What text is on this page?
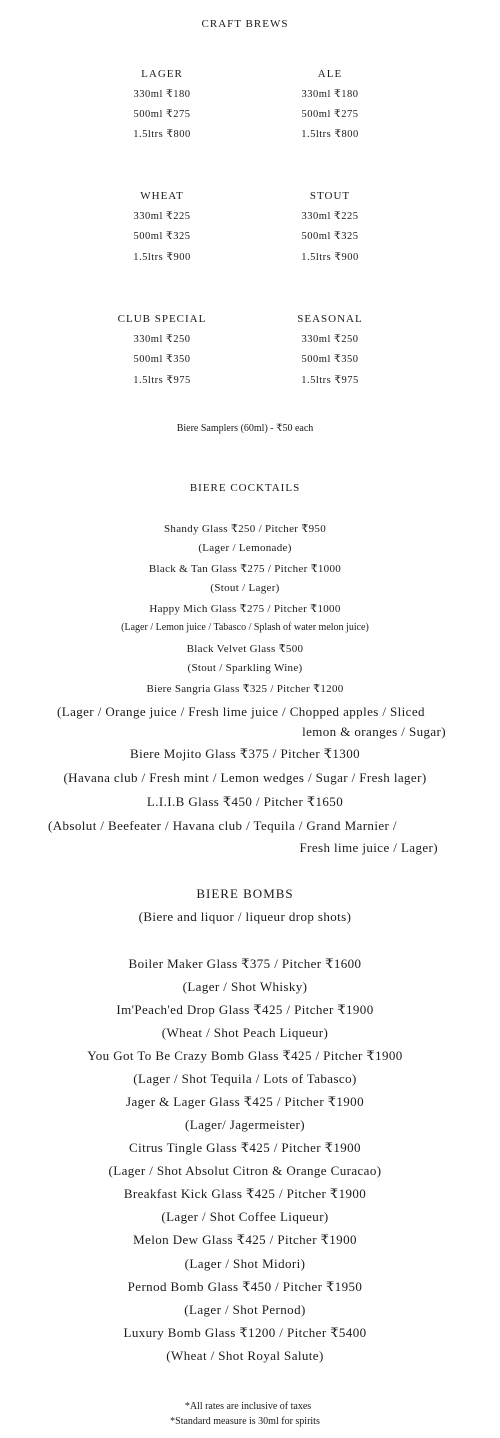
CRAFT BREWS
LAGER
330ml ₹180
500ml ₹275
1.5ltrs ₹800
ALE
330ml ₹180
500ml ₹275
1.5ltrs ₹800
WHEAT
330ml ₹225
500ml ₹325
1.5ltrs ₹900
STOUT
330ml ₹225
500ml ₹325
1.5ltrs ₹900
CLUB SPECIAL
330ml ₹250
500ml ₹350
1.5ltrs ₹975
SEASONAL
330ml ₹250
500ml ₹350
1.5ltrs ₹975
Biere Samplers (60ml) - ₹50 each
BIERE COCKTAILS
Shandy Glass ₹250 / Pitcher ₹950
(Lager / Lemonade)
Black & Tan Glass ₹275 / Pitcher ₹1000
(Stout / Lager)
Happy Mich Glass ₹275 / Pitcher ₹1000
(Lager / Lemon juice / Tabasco / Splash of water melon juice)
Black Velvet Glass ₹500
(Stout / Sparkling Wine)
Biere Sangria Glass ₹325 / Pitcher ₹1200
(Lager / Orange juice / Fresh lime juice / Chopped apples / Sliced
lemon & oranges / Sugar)
Biere Mojito Glass ₹375 / Pitcher ₹1300
(Havana club / Fresh mint / Lemon wedges / Sugar / Fresh lager)
L.I.I.B Glass ₹450 / Pitcher ₹1650
(Absolut / Beefeater / Havana club / Tequila / Grand Marnier /
Fresh lime juice / Lager)
BIERE BOMBS
(Biere and liquor / liqueur drop shots)
Boiler Maker Glass ₹375 / Pitcher ₹1600
(Lager / Shot Whisky)
Im'Peach'ed Drop Glass ₹425 / Pitcher ₹1900
(Wheat / Shot Peach Liqueur)
You Got To Be Crazy Bomb Glass ₹425 / Pitcher ₹1900
(Lager / Shot Tequila / Lots of Tabasco)
Jager & Lager Glass ₹425 / Pitcher ₹1900
(Lager/ Jagermeister)
Citrus Tingle Glass ₹425 / Pitcher ₹1900
(Lager / Shot Absolut Citron & Orange Curacao)
Breakfast Kick Glass ₹425 / Pitcher ₹1900
(Lager / Shot Coffee Liqueur)
Melon Dew Glass ₹425 / Pitcher ₹1900
(Lager / Shot Midori)
Pernod Bomb Glass ₹450 / Pitcher ₹1950
(Lager / Shot Pernod)
Luxury Bomb Glass ₹1200 / Pitcher ₹5400
(Wheat / Shot Royal Salute)
*All rates are inclusive of taxes
*Standard measure is 30ml for spirits
